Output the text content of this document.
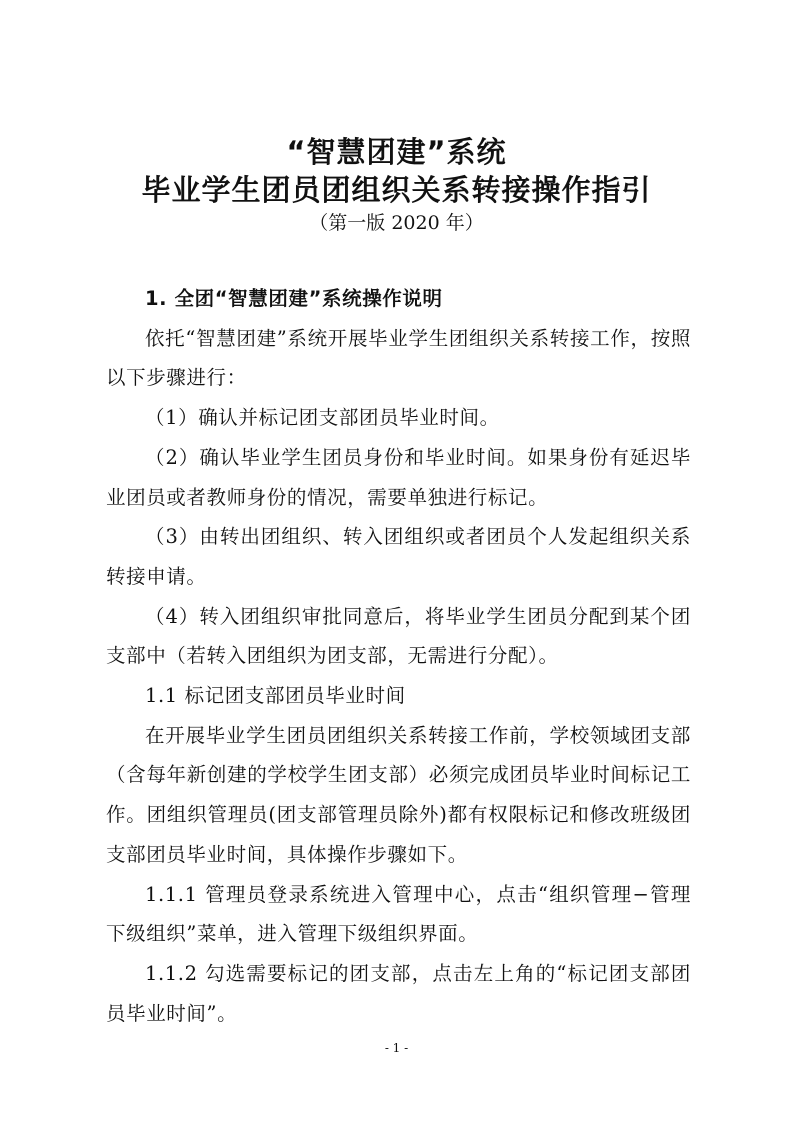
“智慧团建”系统
毕业学生团员团组织关系转接操作指引
（第一版 2020 年）

1. 全团“智慧团建”系统操作说明

依托“智慧团建”系统开展毕业学生团组织关系转接工作，按照以下步骤进行：

（1）确认并标记团支部团员毕业时间。

（2）确认毕业学生团员身份和毕业时间。如果身份有延迟毕业团员或者教师身份的情况，需要单独进行标记。

（3）由转出团组织、转入团组织或者团员个人发起组织关系转接申请。

（4）转入团组织审批同意后，将毕业学生团员分配到某个团支部中（若转入团组织为团支部，无需进行分配）。

1.1 标记团支部团员毕业时间

在开展毕业学生团员团组织关系转接工作前，学校领域团支部（含每年新创建的学校学生团支部）必须完成团员毕业时间标记工作。团组织管理员(团支部管理员除外)都有权限标记和修改班级团支部团员毕业时间，具体操作步骤如下。

1.1.1 管理员登录系统进入管理中心，点击“组织管理−管理下级组织”菜单，进入管理下级组织界面。

1.1.2 勾选需要标记的团支部，点击左上角的“标记团支部团员毕业时间”。

- 1 -
